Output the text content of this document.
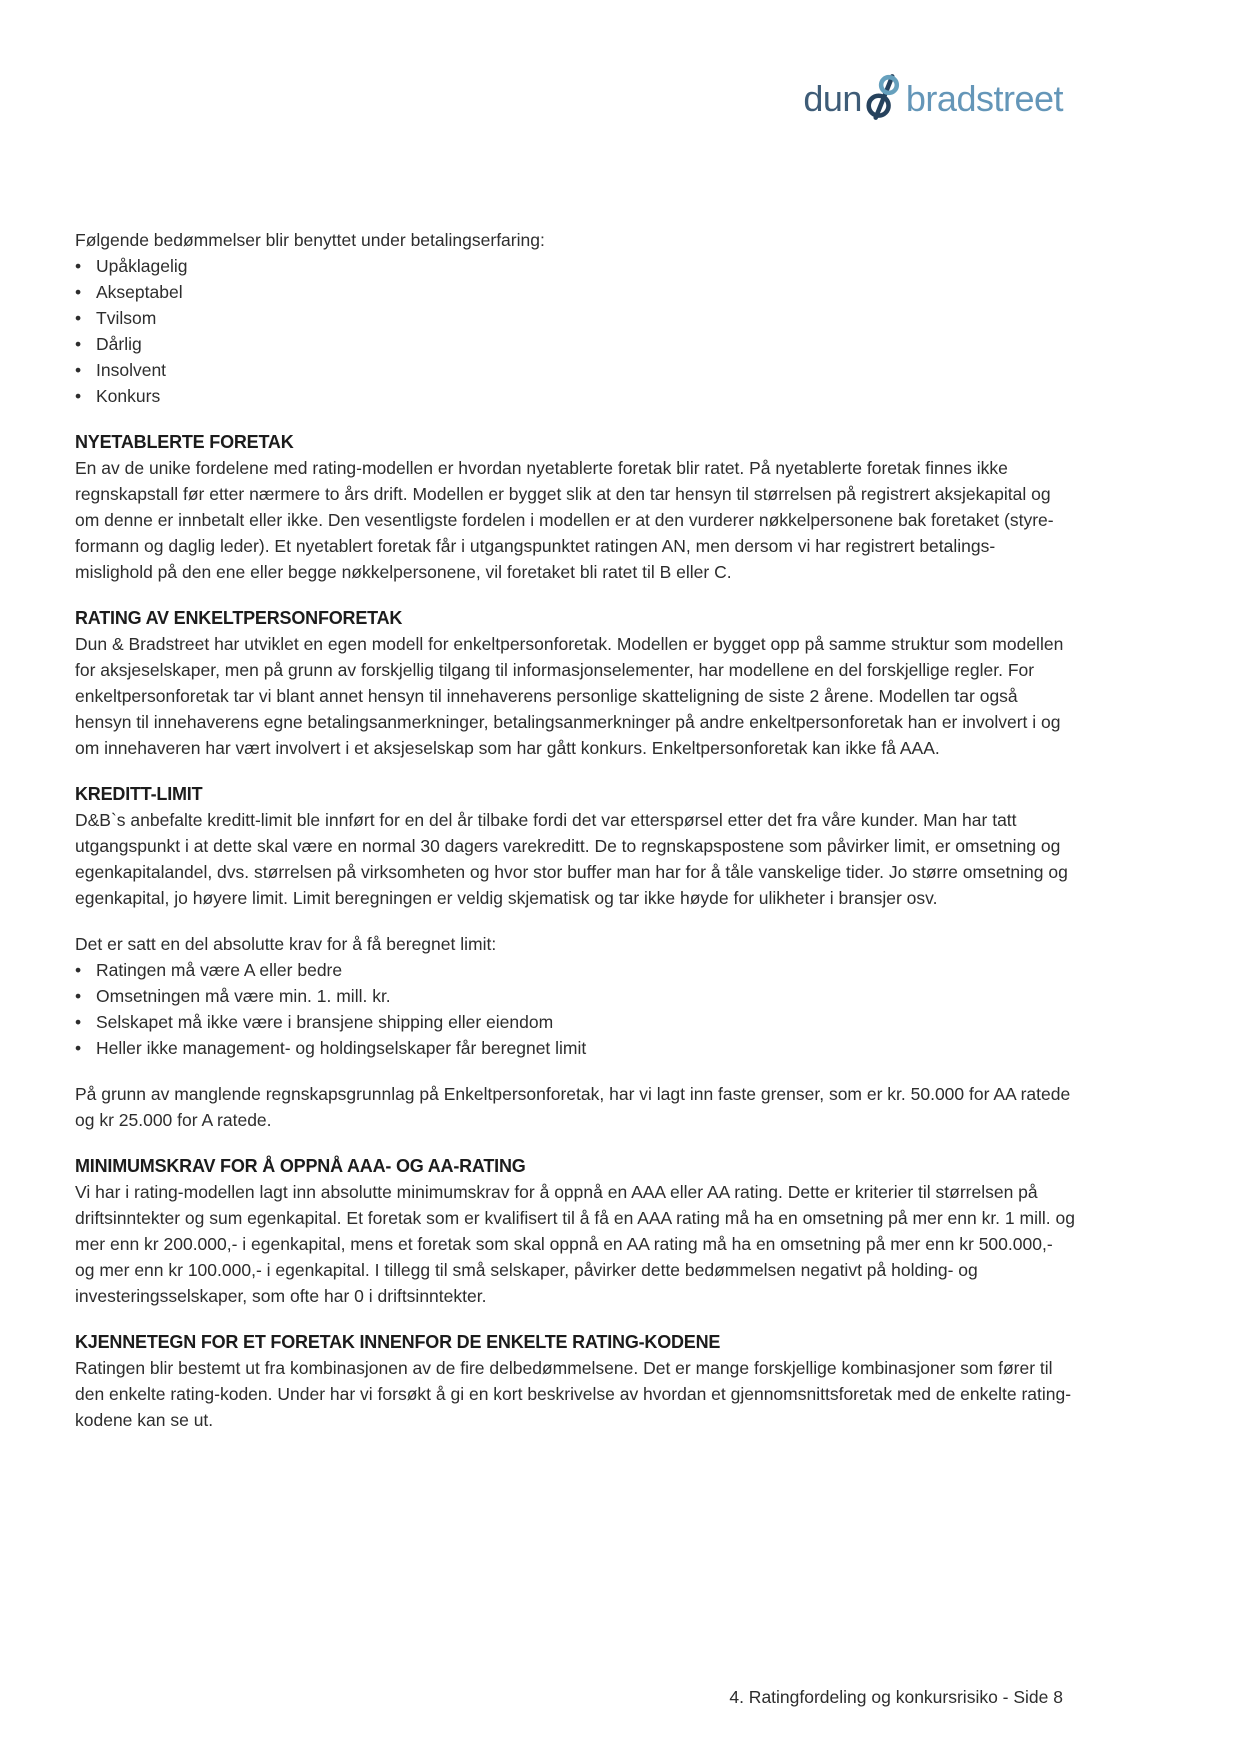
dun bradstreet

Følgende bedømmelser blir benyttet under betalingserfaring:

• Upåklagelig
• Akseptabel
• Tvilsom
• Dårlig
• Insolvent
• Konkurs
NYETABLERTE FORETAK

En av de unike fordelene med rating-modellen er hvordan nyetablerte foretak blir ratet. På nyetablerte foretak finnes ikke regnskapstall før etter nærmere to års drift. Modellen er bygget slik at den tar hensyn til størrelsen på registrert aksjekapital og om denne er innbetalt eller ikke. Den vesentligste fordelen i modellen er at den vurderer nøkkelpersonene bak foretaket (styre- formann og daglig leder). Et nyetablert foretak får i utgangspunktet ratingen AN, men dersom vi har registrert betalings- mislighold på den ene eller begge nøkkelpersonene, vil foretaket bli ratet til B eller C.

RATING AV ENKELTPERSONFORETAK

Dun & Bradstreet har utviklet en egen modell for enkeltpersonforetak. Modellen er bygget opp på samme struktur som modellen for aksjeselskaper, men på grunn av forskjellig tilgang til informasjonselementer, har modellene en del forskjellige regler. For enkeltpersonforetak tar vi blant annet hensyn til innehaverens personlige skatteligning de siste 2 årene. Modellen tar også hensyn til innehaverens egne betalingsanmerkninger, betalingsanmerkninger på andre enkeltpersonforetak han er involvert i og om innehaveren har vært involvert i et aksjeselskap som har gått konkurs. Enkeltpersonforetak kan ikke få AAA.

KREDITT-LIMIT

D&B`s anbefalte kreditt-limit ble innført for en del år tilbake fordi det var etterspørsel etter det fra våre kunder. Man har tatt utgangspunkt i at dette skal være en normal 30 dagers varekreditt. De to regnskapspostene som påvirker limit, er omsetning og egenkapitalandel, dvs. størrelsen på virksomheten og hvor stor buffer man har for å tåle vanskelige tider. Jo større omsetning og egenkapital, jo høyere limit. Limit beregningen er veldig skjematisk og tar ikke høyde for ulikheter i bransjer osv.

Det er satt en del absolutte krav for å få beregnet limit:

• Ratingen må være A eller bedre
• Omsetningen må være min. 1. mill. kr.
• Selskapet må ikke være i bransjene shipping eller eiendom
• Heller ikke management- og holdingselskaper får beregnet limit

På grunn av manglende regnskapsgrunnlag på Enkeltpersonforetak, har vi lagt inn faste grenser, som er kr. 50.000 for AA ratede og kr 25.000 for A ratede.

MINIMUMSKRAV FOR Å OPPNÅ AAA- OG AA-RATING

Vi har i rating-modellen lagt inn absolutte minimumskrav for å oppnå en AAA eller AA rating. Dette er kriterier til størrelsen på driftsinntekter og sum egenkapital. Et foretak som er kvalifisert til å få en AAA rating må ha en omsetning på mer enn kr. 1 mill. og mer enn kr 200.000,- i egenkapital, mens et foretak som skal oppnå en AA rating må ha en omsetning på mer enn kr 500.000,- og mer enn kr 100.000,- i egenkapital. I tillegg til små selskaper, påvirker dette bedømmelsen negativt på holding- og investeringsselskaper, som ofte har 0 i driftsinntekter.

KJENNETEGN FOR ET FORETAK INNENFOR DE ENKELTE RATING-KODENE

Ratingen blir bestemt ut fra kombinasjonen av de fire delbedømmelsene. Det er mange forskjellige kombinasjoner som fører til den enkelte rating-koden. Under har vi forsøkt å gi en kort beskrivelse av hvordan et gjennomsnittsforetak med de enkelte rating-kodene kan se ut.

4. Ratingfordeling og konkursrisiko - Side 8
